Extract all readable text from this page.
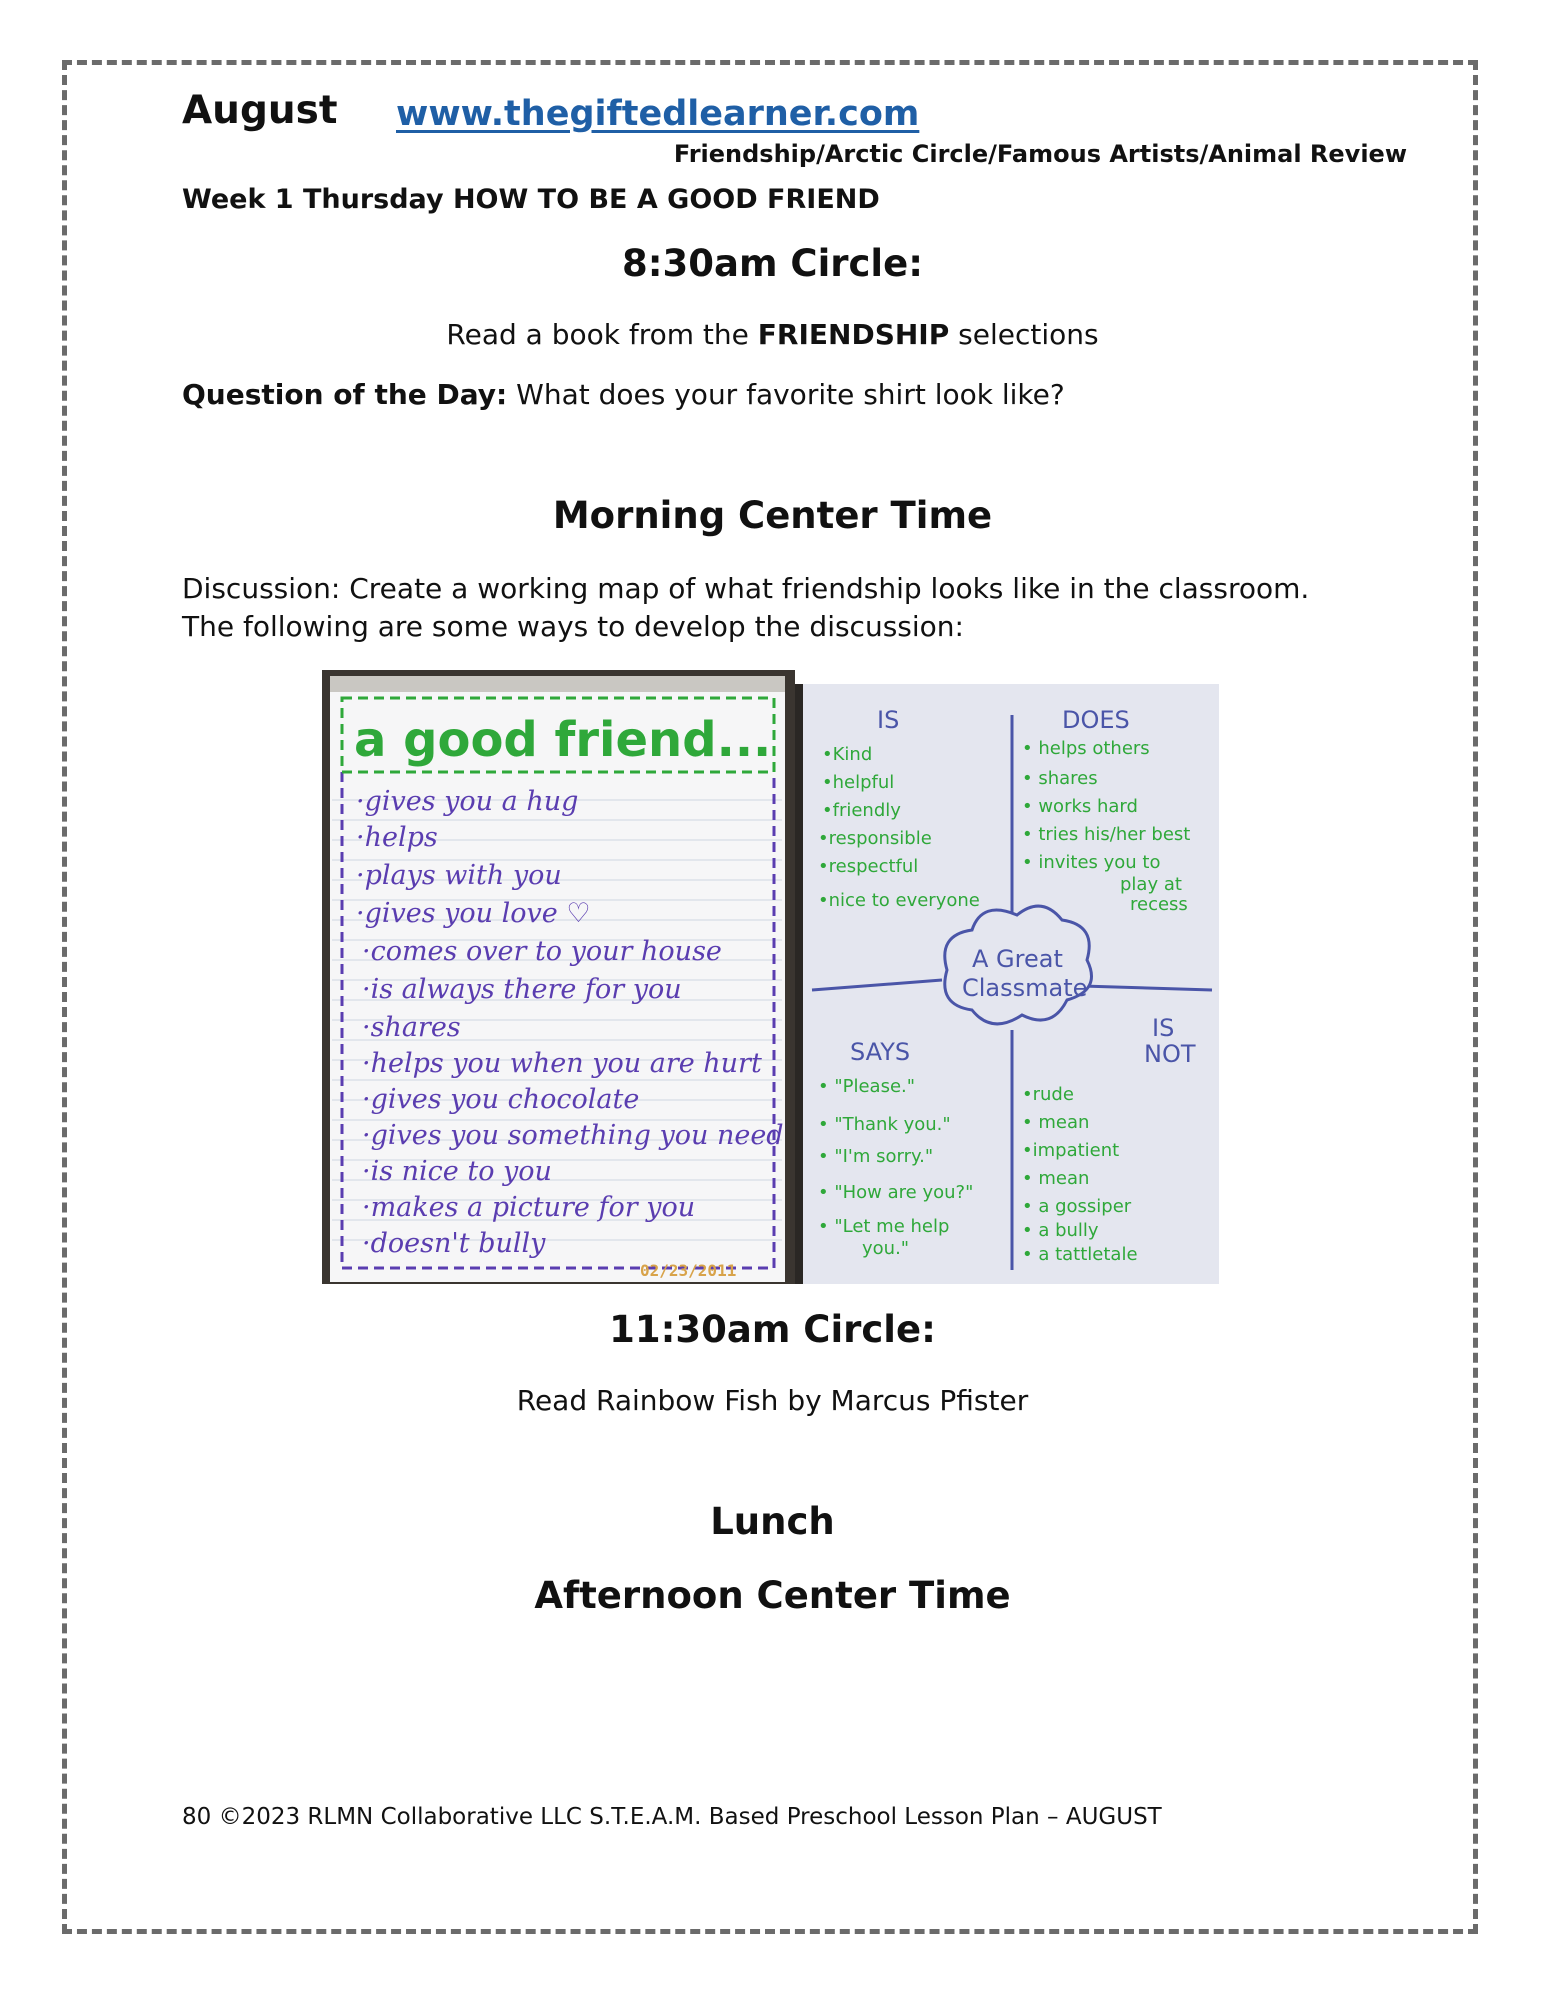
August www.thegiftedlearner.com
Friendship/Arctic Circle/Famous Artists/Animal Review
Week 1 Thursday HOW TO BE A GOOD FRIEND
8:30am Circle:
Read a book from the FRIENDSHIP selections
Question of the Day: What does your favorite shirt look like?
Morning Center Time
Discussion: Create a working map of what friendship looks like in the classroom.
The following are some ways to develop the discussion:
a good friend...
·gives you a hug
·helps
·plays with you
·gives you love ♡
·comes over to your house
·is always there for you
·shares
·helps you when you are hurt
·gives you chocolate
·gives you something you need
·is nice to you
·makes a picture for you
·doesn't bully
02/23/2011
A Great
Classmate
IS	DOES
SAYS
IS
NOT
•Kind
•helpful
•friendly
•responsible
•respectful
•nice to everyone
• helps others
• shares
• works hard
• tries his/her best
• invites you to
play at
recess
• "Please."
• "Thank you."
• "I'm sorry."
• "How are you?"
• "Let me help
you."
•rude
• mean
•impatient
• mean
• a gossiper
• a bully
• a tattletale
11:30am Circle:
Read Rainbow Fish by Marcus Pfister
Lunch
Afternoon Center Time
80 ©2023 RLMN Collaborative LLC S.T.E.A.M. Based Preschool Lesson Plan – AUGUST
